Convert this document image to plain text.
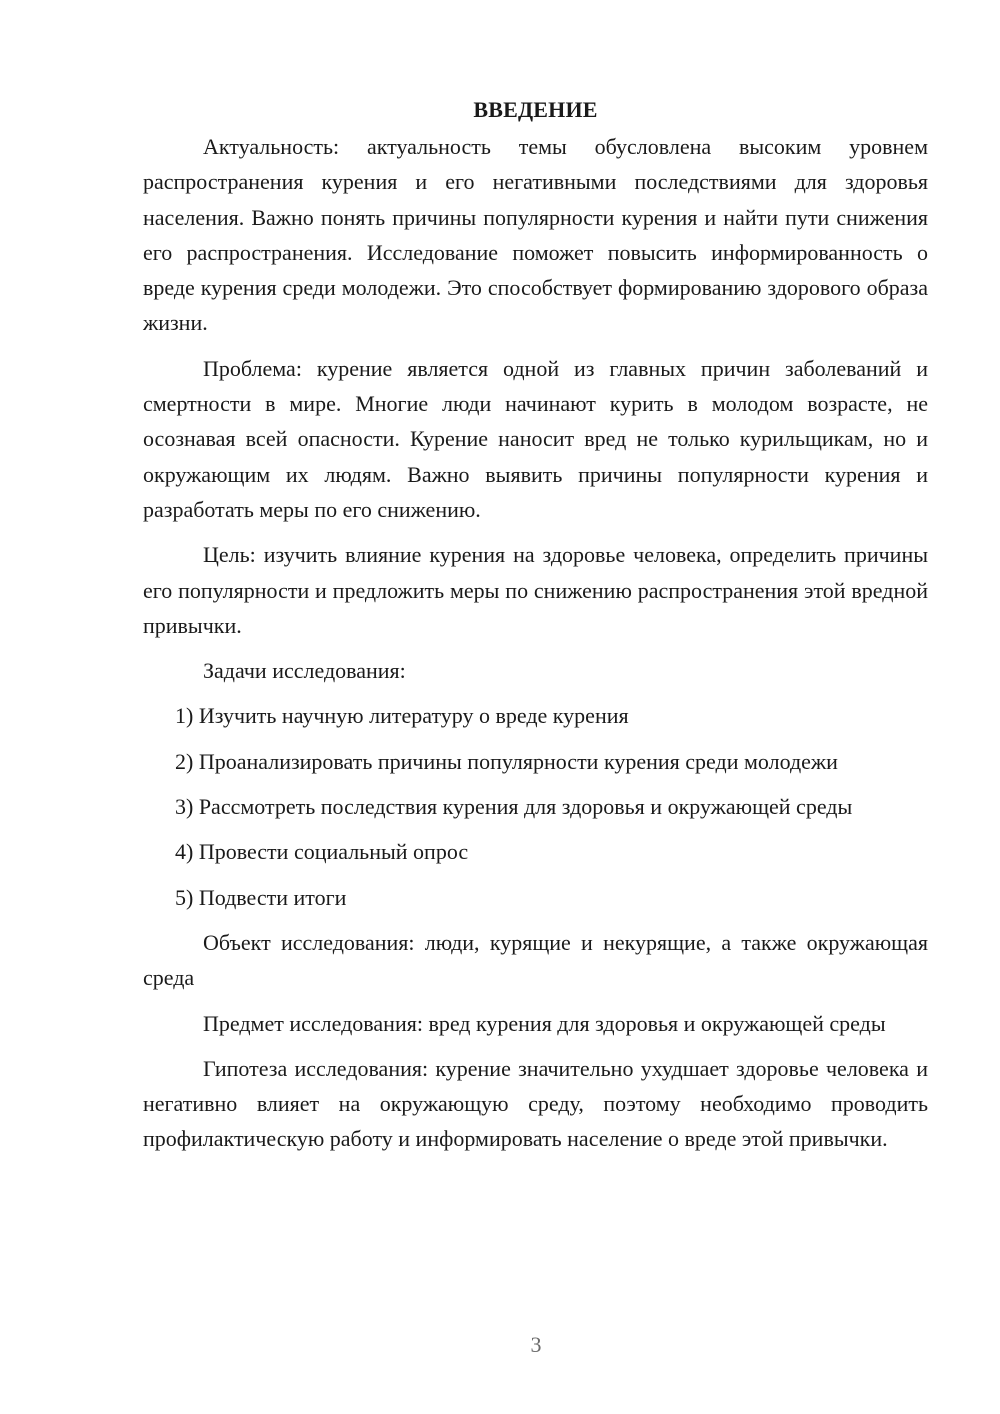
ВВЕДЕНИЕ

Актуальность: актуальность темы обусловлена высоким уровнем распространения курения и его негативными последствиями для здоровья населения. Важно понять причины популярности курения и найти пути снижения его распространения. Исследование поможет повысить информированность о вреде курения среди молодежи. Это способствует формированию здорового образа жизни.

Проблема: курение является одной из главных причин заболеваний и смертности в мире. Многие люди начинают курить в молодом возрасте, не осознавая всей опасности. Курение наносит вред не только курильщикам, но и окружающим их людям. Важно выявить причины популярности курения и разработать меры по его снижению.

Цель: изучить влияние курения на здоровье человека, определить причины его популярности и предложить меры по снижению распространения этой вредной привычки.

Задачи исследования:

1) Изучить научную литературу о вреде курения

2) Проанализировать причины популярности курения среди молодежи

3) Рассмотреть последствия курения для здоровья и окружающей среды

4) Провести социальный опрос

5) Подвести итоги

Объект исследования: люди, курящие и некурящие, а также окружающая среда

Предмет исследования: вред курения для здоровья и окружающей среды

Гипотеза исследования: курение значительно ухудшает здоровье человека и негативно влияет на окружающую среду, поэтому необходимо проводить профилактическую работу и информировать население о вреде этой привычки.

3
